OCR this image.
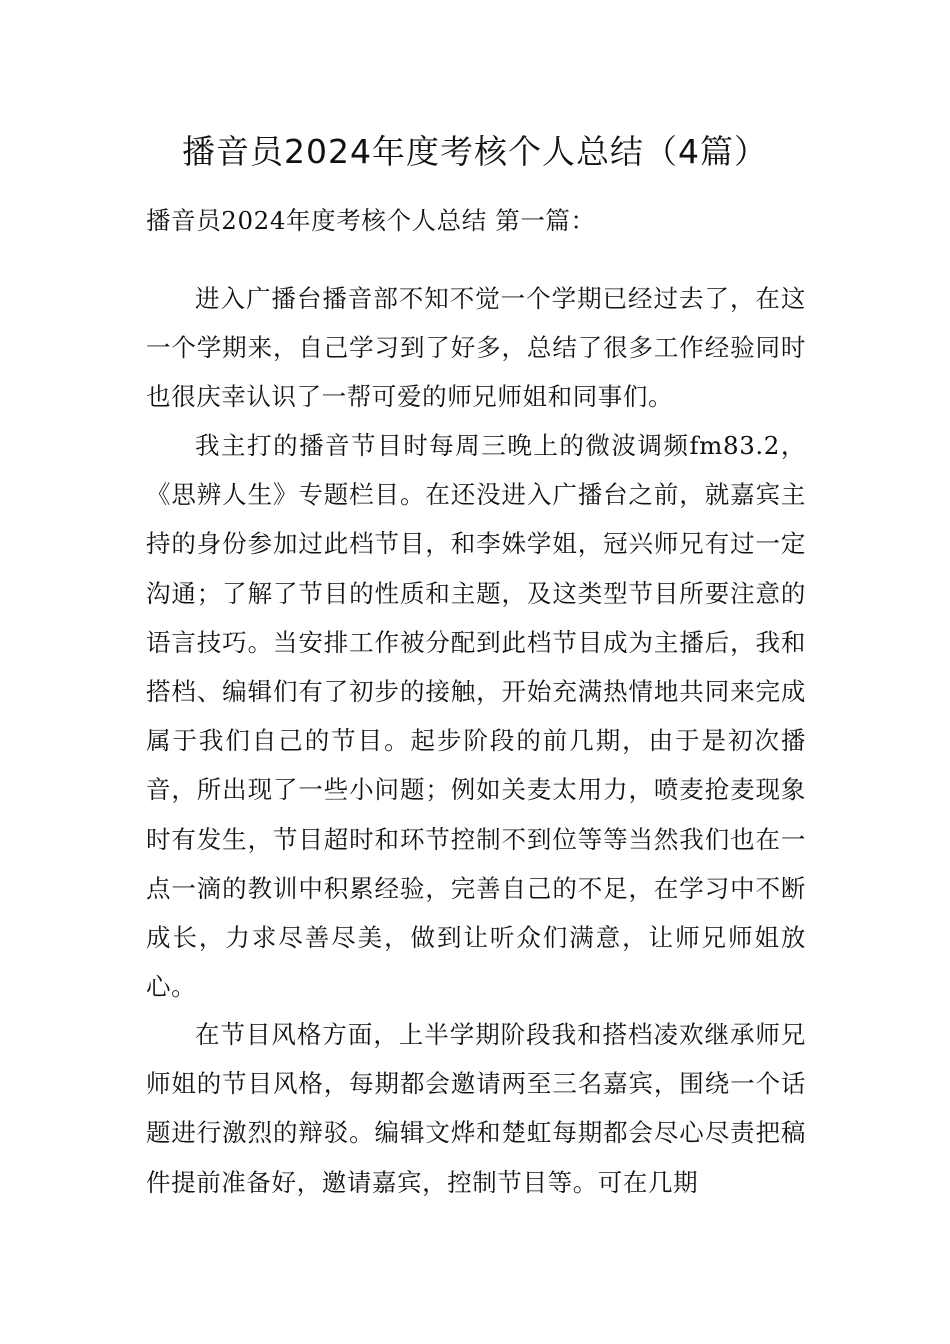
播音员2024年度考核个人总结（4篇）

播音员2024年度考核个人总结 第一篇：

进入广播台播音部不知不觉一个学期已经过去了，在这一个学期来，自己学习到了好多，总结了很多工作经验同时也很庆幸认识了一帮可爱的师兄师姐和同事们。

我主打的播音节目时每周三晚上的微波调频fm83.2，《思辨人生》专题栏目。在还没进入广播台之前，就嘉宾主持的身份参加过此档节目，和李姝学姐，冠兴师兄有过一定沟通；了解了节目的性质和主题，及这类型节目所要注意的语言技巧。当安排工作被分配到此档节目成为主播后，我和搭档、编辑们有了初步的接触，开始充满热情地共同来完成属于我们自己的节目。起步阶段的前几期，由于是初次播音，所出现了一些小问题；例如关麦太用力，喷麦抢麦现象时有发生，节目超时和环节控制不到位等等当然我们也在一点一滴的教训中积累经验，完善自己的不足，在学习中不断成长，力求尽善尽美，做到让听众们满意，让师兄师姐放心。

在节目风格方面，上半学期阶段我和搭档凌欢继承师兄师姐的节目风格，每期都会邀请两至三名嘉宾，围绕一个话题进行激烈的辩驳。编辑文烨和楚虹每期都会尽心尽责把稿件提前准备好，邀请嘉宾，控制节目等。可在几期
